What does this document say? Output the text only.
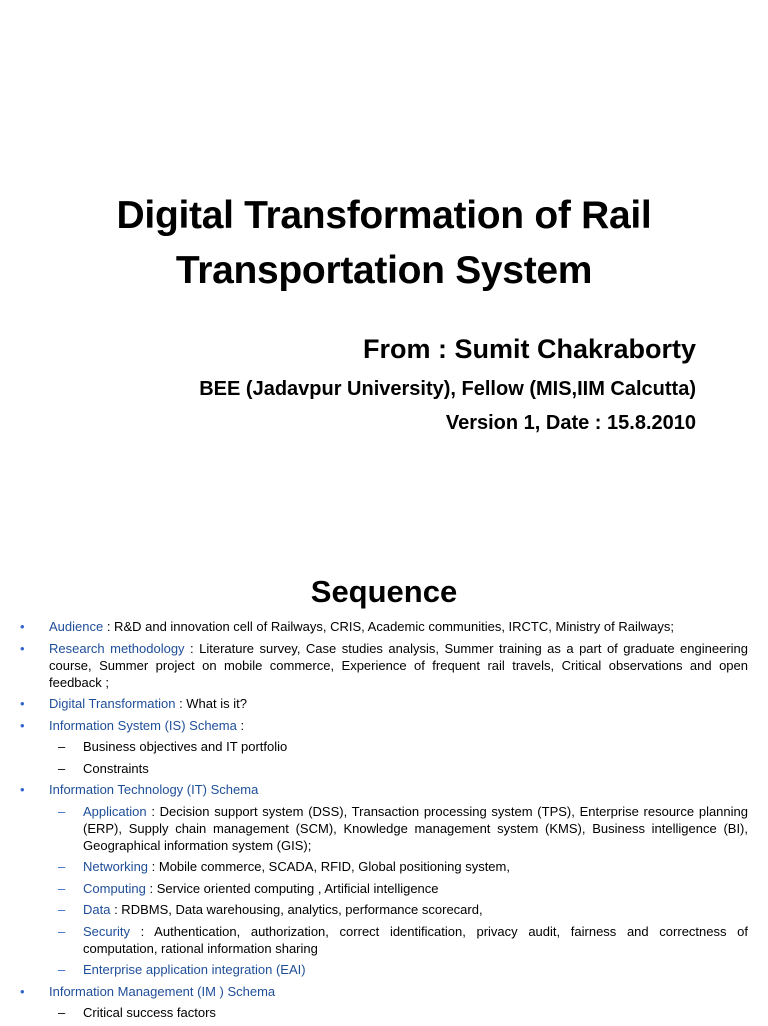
Digital Transformation of Rail
Transportation System
From : Sumit Chakraborty
BEE (Jadavpur University), Fellow (MIS,IIM Calcutta)
Version 1, Date : 15.8.2010
Sequence
• Audience : R&D and innovation cell of Railways, CRIS, Academic communities, IRCTC, Ministry of Railways;
• Research methodology : Literature survey, Case studies analysis, Summer training as a part of graduate engineering course, Summer project on mobile commerce, Experience of frequent rail travels, Critical observations and open feedback ;
• Digital Transformation : What is it?
• Information System (IS) Schema :
– Business objectives and IT portfolio
– Constraints
• Information Technology (IT) Schema
– Application : Decision support system (DSS), Transaction processing system (TPS), Enterprise resource planning (ERP), Supply chain management (SCM), Knowledge management system (KMS), Business intelligence (BI), Geographical information system (GIS);
– Networking : Mobile commerce, SCADA, RFID, Global positioning system,
– Computing : Service oriented computing , Artificial intelligence
– Data : RDBMS, Data warehousing, analytics, performance scorecard,
– Security : Authentication, authorization, correct identification, privacy audit, fairness and correctness of computation, rational information sharing
– Enterprise application integration (EAI)
• Information Management (IM ) Schema
– Critical success factors
